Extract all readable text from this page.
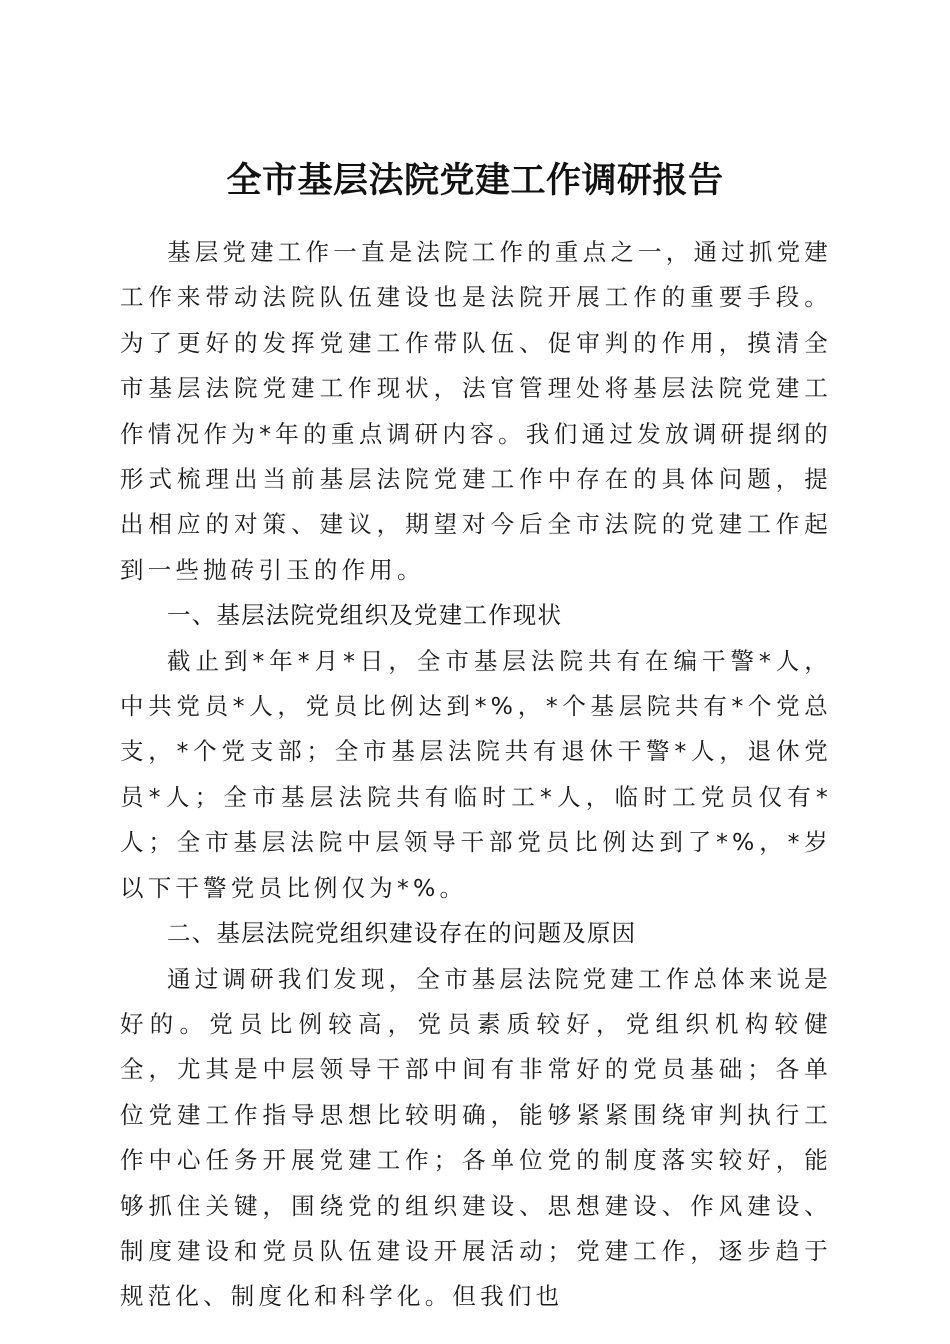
全市基层法院党建工作调研报告

基层党建工作一直是法院工作的重点之一，通过抓党建工作来带动法院队伍建设也是法院开展工作的重要手段。为了更好的发挥党建工作带队伍、促审判的作用，摸清全市基层法院党建工作现状，法官管理处将基层法院党建工作情况作为*年的重点调研内容。我们通过发放调研提纲的形式梳理出当前基层法院党建工作中存在的具体问题，提出相应的对策、建议，期望对今后全市法院的党建工作起到一些抛砖引玉的作用。

一、基层法院党组织及党建工作现状

截止到*年*月*日，全市基层法院共有在编干警*人，中共党员*人，党员比例达到*%，*个基层院共有*个党总支，*个党支部；全市基层法院共有退休干警*人，退休党员*人；全市基层法院共有临时工*人，临时工党员仅有*人；全市基层法院中层领导干部党员比例达到了*%，*岁以下干警党员比例仅为*%。

二、基层法院党组织建设存在的问题及原因

通过调研我们发现，全市基层法院党建工作总体来说是好的。党员比例较高，党员素质较好，党组织机构较健全，尤其是中层领导干部中间有非常好的党员基础；各单位党建工作指导思想比较明确，能够紧紧围绕审判执行工作中心任务开展党建工作；各单位党的制度落实较好，能够抓住关键，围绕党的组织建设、思想建设、作风建设、制度建设和党员队伍建设开展活动；党建工作，逐步趋于规范化、制度化和科学化。但我们也
